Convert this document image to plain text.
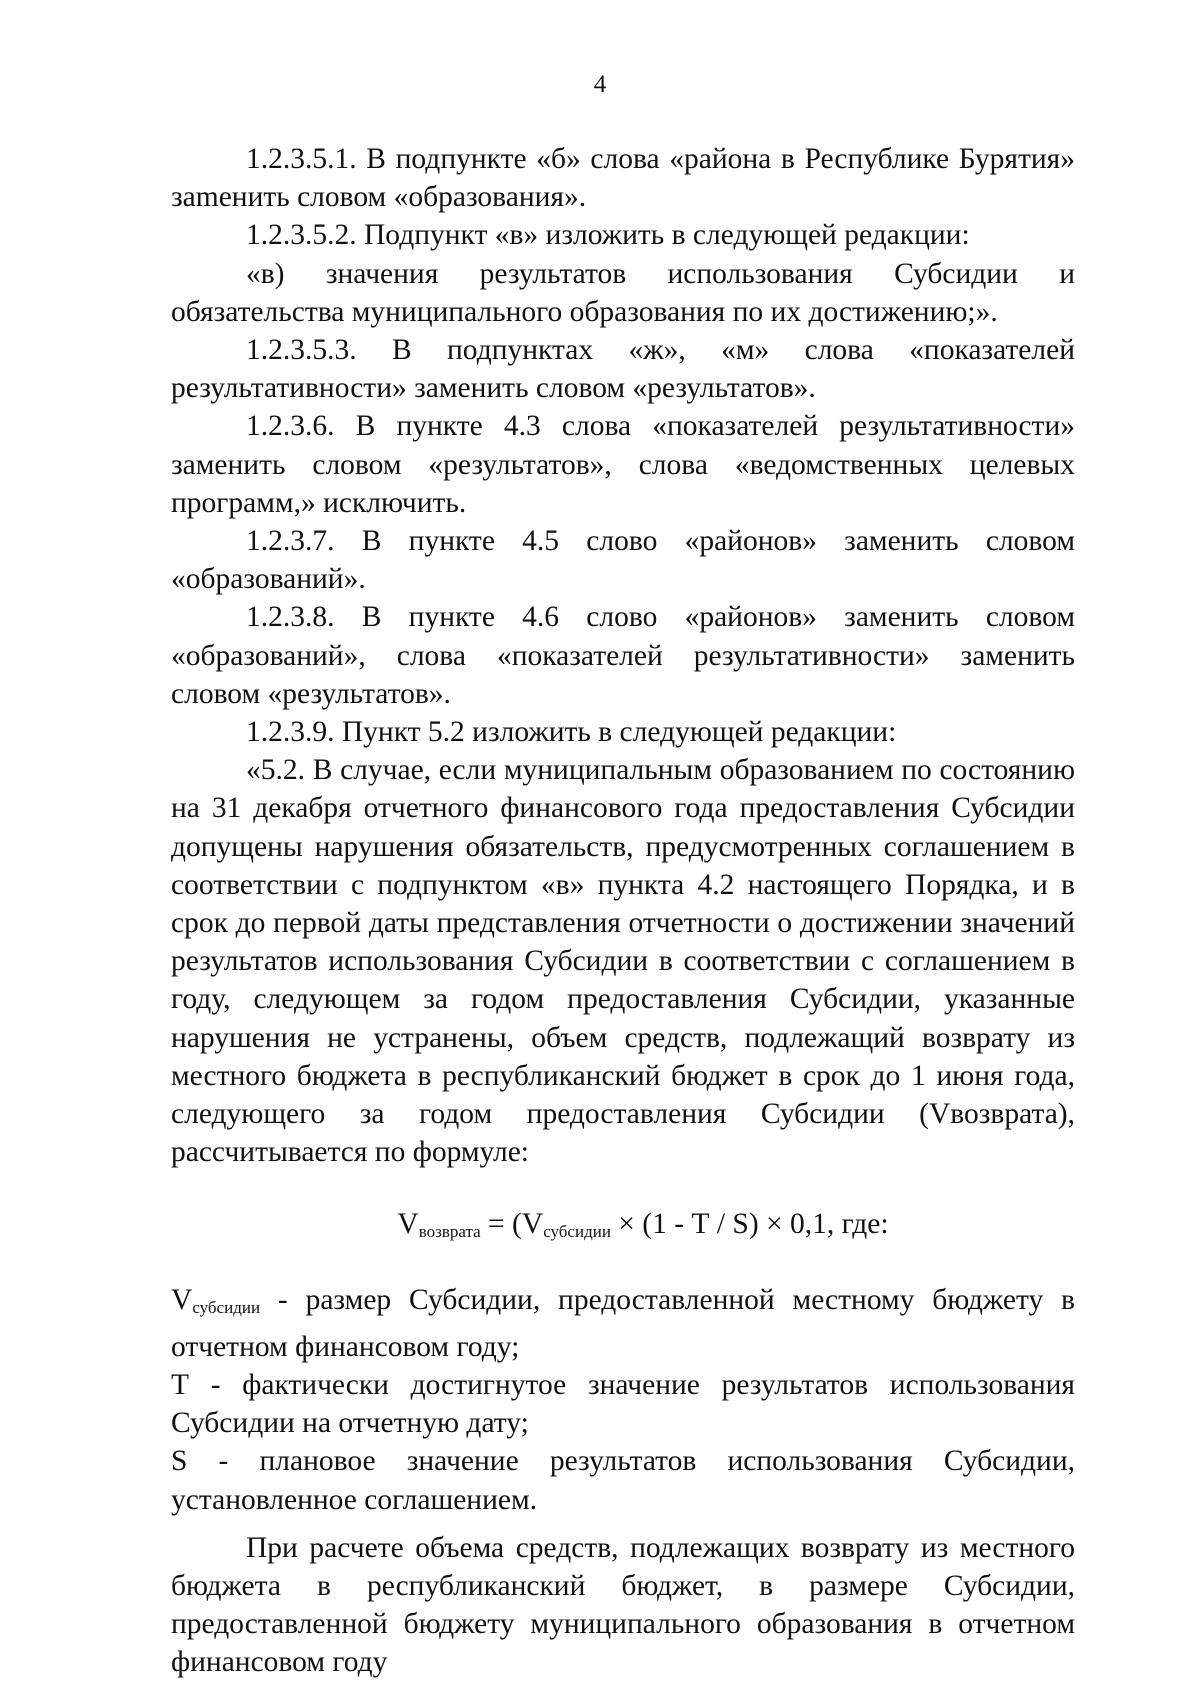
4

1.2.3.5.1. В подпункте «б» слова «района в Республике Бурятия» заmенить словом «образования».

1.2.3.5.2. Подпункт «в» изложить в следующей редакции:

«в) значения результатов использования Субсидии и обязательства муниципального образования по их достижению;».

1.2.3.5.3. В подпунктах «ж», «м» слова «показателей результативности» заменить словом «результатов».

1.2.3.6. В пункте 4.3 слова «показателей результативности» заменить словом «результатов», слова «ведомственных целевых программ,» исключить.

1.2.3.7. В пункте 4.5 слово «районов» заменить словом «образований».

1.2.3.8. В пункте 4.6 слово «районов» заменить словом «образований», слова «показателей результативности» заменить словом «результатов».

1.2.3.9. Пункт 5.2 изложить в следующей редакции:

«5.2. В случае, если муниципальным образованием по состоянию на 31 декабря отчетного финансового года предоставления Субсидии допущены нарушения обязательств, предусмотренных соглашением в соответствии с подпунктом «в» пункта 4.2 настоящего Порядка, и в срок до первой даты представления отчетности о достижении значений результатов использования Субсидии в соответствии с соглашением в году, следующем за годом предоставления Субсидии, указанные нарушения не устранены, объем средств, подлежащий возврату из местного бюджета в республиканский бюджет в срок до 1 июня года, следующего за годом предоставления Субсидии (Vвозврата), рассчитывается по формуле:

$V_{возврата} = (V_{субсидии} \times (1 - Т / S) \times 0,1$, где:

$V_{субсидии}$ - размер Субсидии, предоставленной местному бюджету в отчетном финансовом году;

Т - фактически достигнутое значение результатов использования Субсидии на отчетную дату;

S - плановое значение результатов использования Субсидии, установленное соглашением.

При расчете объема средств, подлежащих возврату из местного бюджета в республиканский бюджет, в размере Субсидии, предоставленной бюджету муниципального образования в отчетном финансовом году
